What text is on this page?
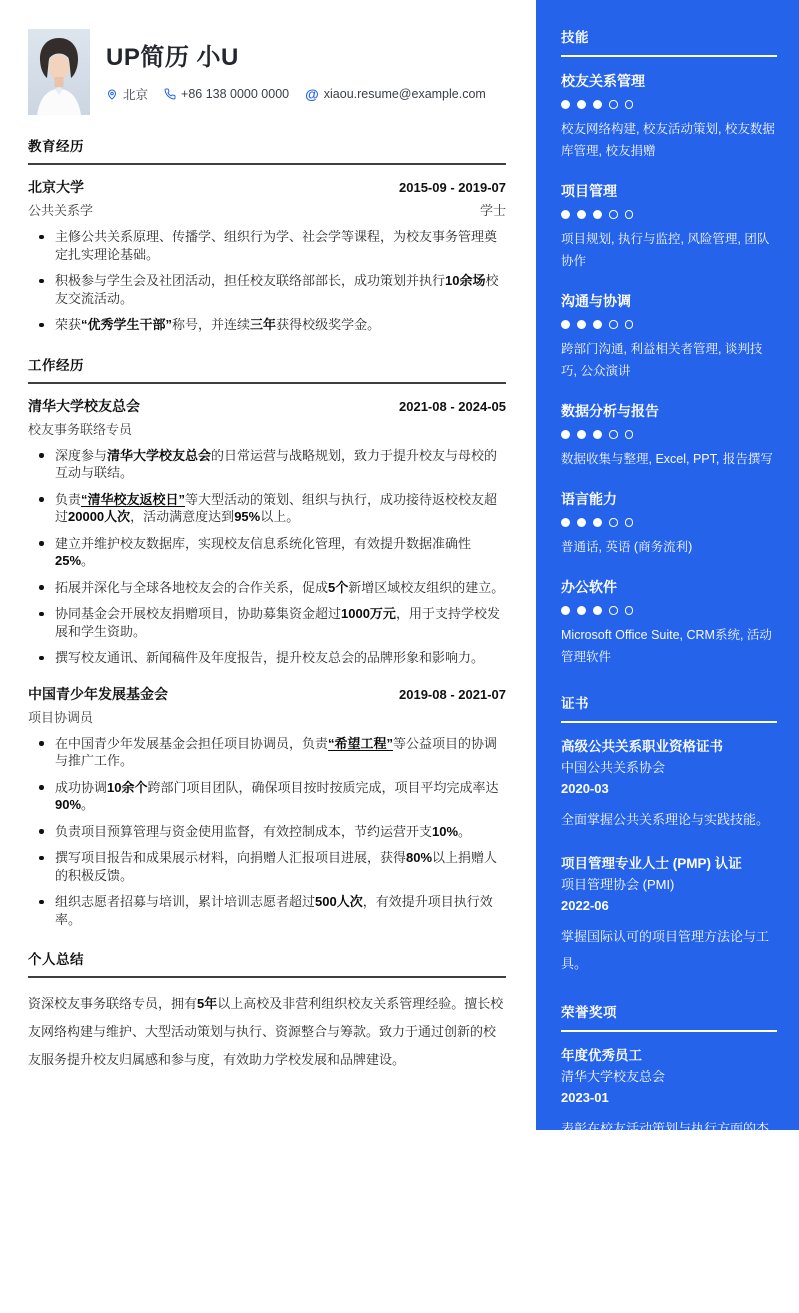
UP简历 小U
北京	+86 138 0000 0000 @ xiaou.resume@example.com
教育经历
北京大学	2015-09 - 2019-07
公共关系学	学士
主修公共关系原理、传播学、组织行为学、社会学等课程，为校友事务管理奠定扎实理论基础。
积极参与学生会及社团活动，担任校友联络部部长，成功策划并执行10余场校友交流活动。
荣获“优秀学生干部”称号，并连续三年获得校级奖学金。
工作经历
清华大学校友总会	2021-08 - 2024-05
校友事务联络专员
深度参与清华大学校友总会的日常运营与战略规划，致力于提升校友与母校的互动与联结。
负责“清华校友返校日”等大型活动的策划、组织与执行，成功接待返校校友超过20000人次，活动满意度达到95%以上。
建立并维护校友数据库，实现校友信息系统化管理，有效提升数据准确性25%。
拓展并深化与全球各地校友会的合作关系，促成5个新增区域校友组织的建立。
协同基金会开展校友捐赠项目，协助募集资金超过1000万元，用于支持学校发展和学生资助。
撰写校友通讯、新闻稿件及年度报告，提升校友总会的品牌形象和影响力。
中国青少年发展基金会	2019-08 - 2021-07
项目协调员
在中国青少年发展基金会担任项目协调员，负责“希望工程”等公益项目的协调与推广工作。
成功协调10余个跨部门项目团队，确保项目按时按质完成，项目平均完成率达90%。
负责项目预算管理与资金使用监督，有效控制成本，节约运营开支10%。
撰写项目报告和成果展示材料，向捐赠人汇报项目进展，获得80%以上捐赠人的积极反馈。
组织志愿者招募与培训，累计培训志愿者超过500人次，有效提升项目执行效率。
个人总结

资深校友事务联络专员，拥有5年以上高校及非营利组织校友关系管理经验。擅长校友网络构建与维护、大型活动策划与执行、资源整合与筹款。致力于通过创新的校友服务提升校友归属感和参与度，有效助力学校发展和品牌建设。

技能
校友关系管理
校友网络构建, 校友活动策划, 校友数据库管理, 校友捐赠
项目管理
项目规划, 执行与监控, 风险管理, 团队协作
沟通与协调
跨部门沟通, 利益相关者管理, 谈判技巧, 公众演讲
数据分析与报告
数据收集与整理, Excel, PPT, 报告撰写
语言能力
普通话, 英语 (商务流利)
办公软件
Microsoft Office Suite, CRM系统, 活动管理软件
证书
高级公共关系职业资格证书
中国公共关系协会
2020-03

全面掌握公共关系理论与实践技能。

项目管理专业人士 (PMP) 认证
项目管理协会 (PMI)
2022-06

掌握国际认可的项目管理方法论与工具。

荣誉奖项
年度优秀员工
清华大学校友总会
2023-01

表彰在校友活动策划与执行方面的杰出贡献。

优秀项目协调员
中国青少年发展基金会
2020-12

肯定在项目管理和团队协作中的突出表现。
